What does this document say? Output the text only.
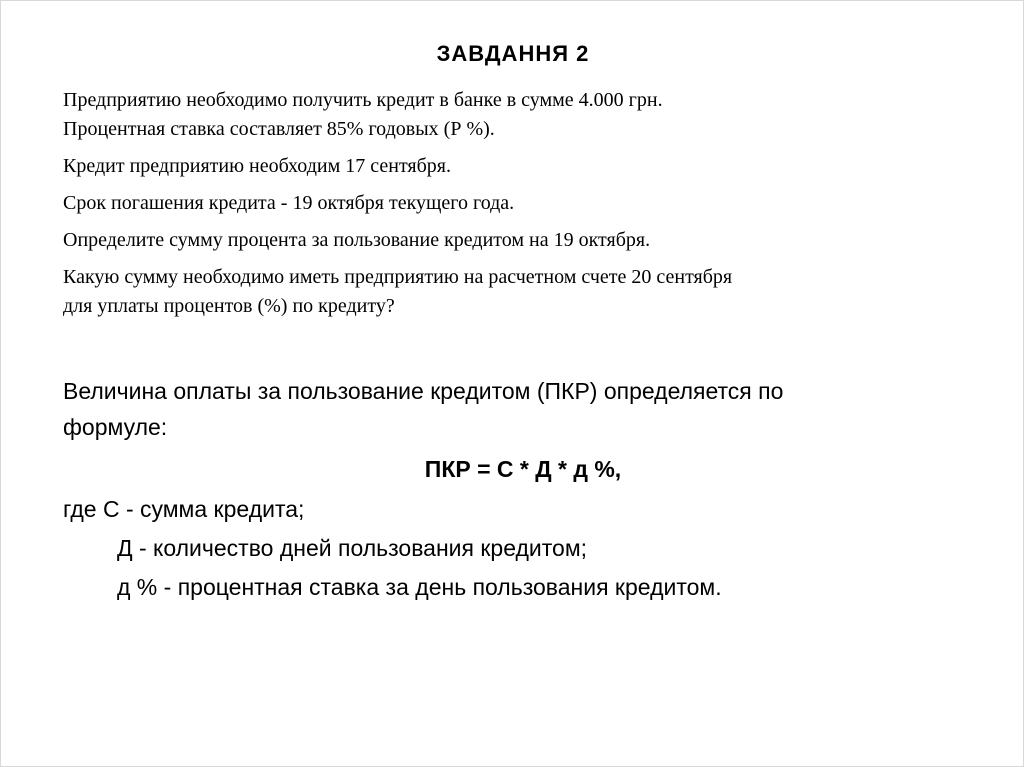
ЗАВДАННЯ 2

Предприятию необходимо получить кредит в банке в сумме 4.000 грн.
Процентная ставка составляет 85% годовых (Р %).

Кредит предприятию необходим 17 сентября.

Срок погашения кредита - 19 октября текущего года.

Определите сумму процента за пользование кредитом на 19 октября.

Какую сумму необходимо иметь предприятию на расчетном счете 20 сентября
для уплаты процентов (%) по кредиту?

Величина оплаты за пользование кредитом (ПКР) определяется по
формуле:

ПКР = С * Д * д %,

где С - сумма кредита;

Д - количество дней пользования кредитом;

д % - процентная ставка за день пользования кредитом.
